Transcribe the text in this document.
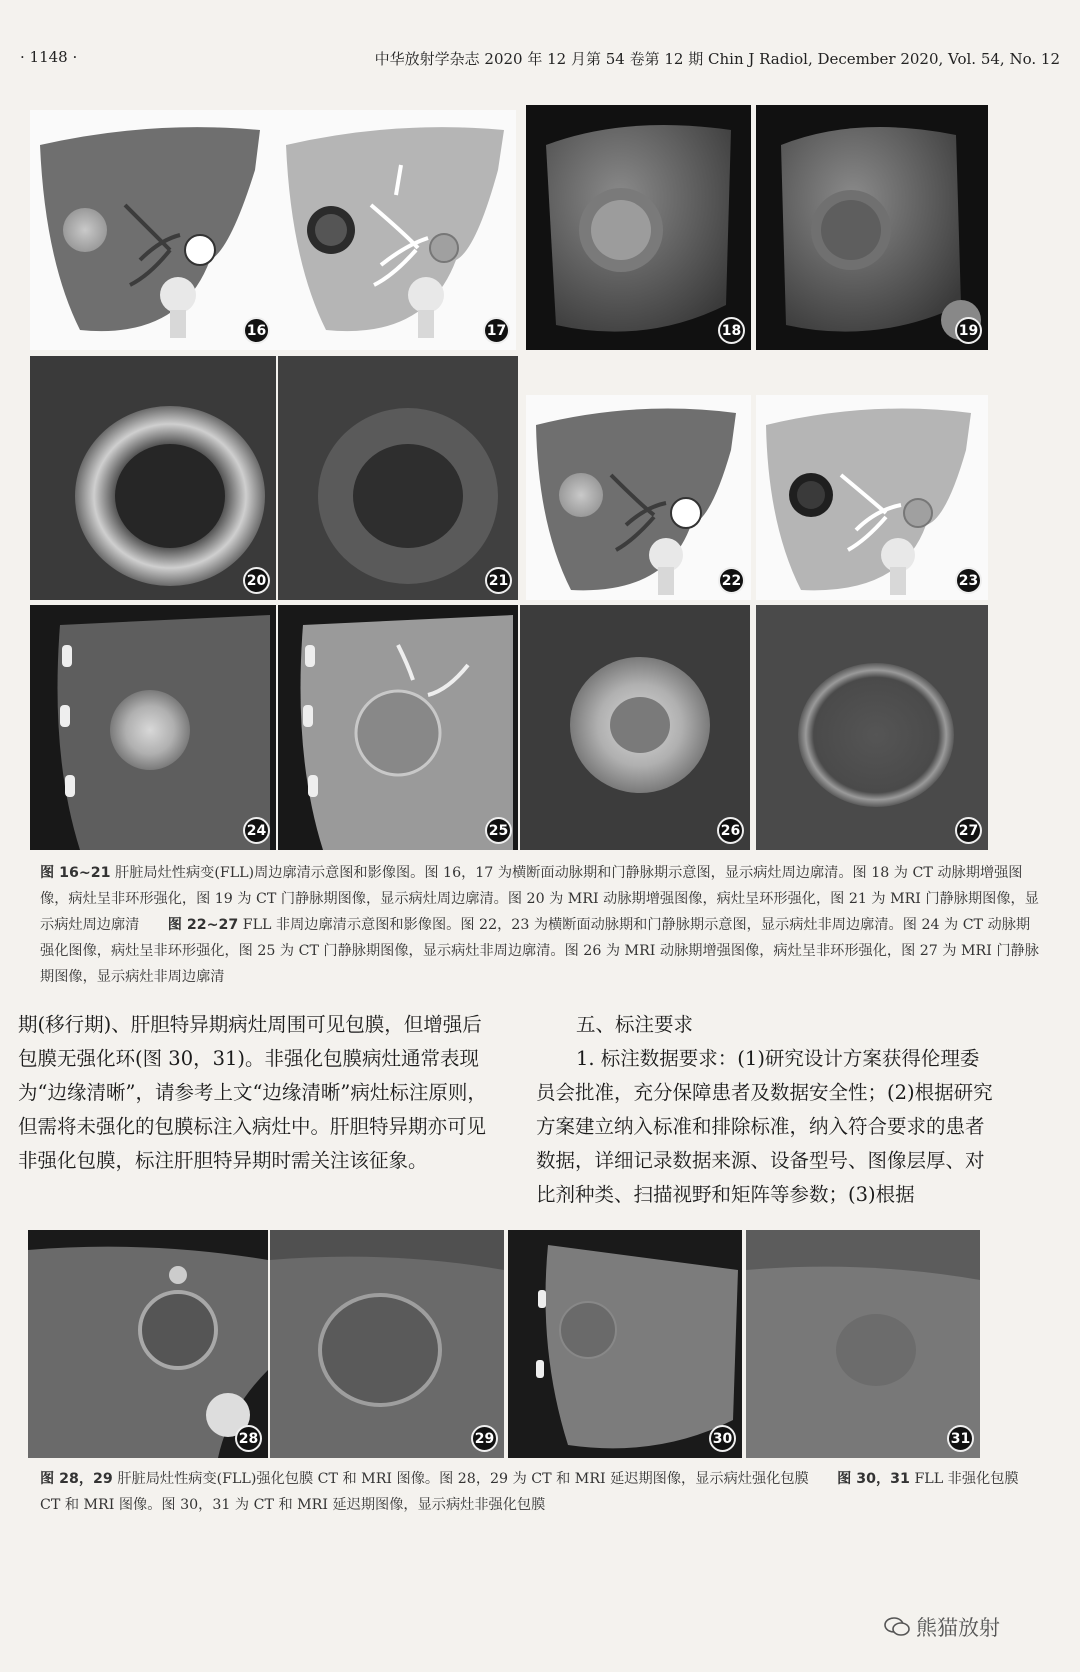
· 1148 ·	中华放射学杂志 2020 年 12 月第 54 卷第 12 期 Chin J Radiol, December 2020, Vol. 54, No. 12
16	17	18	19
20	21	22	23
24	25	26	27
图 16~21 肝脏局灶性病变(FLL)周边廓清示意图和影像图。图 16，17 为横断面动脉期和门静脉期示意图，显示病灶周边廓清。图 18 为 CT 动脉期增强图像，病灶呈非环形强化，图 19 为 CT 门静脉期图像，显示病灶周边廓清。图 20 为 MRI 动脉期增强图像，病灶呈环形强化，图 21 为 MRI 门静脉期图像，显示病灶周边廓清　　图 22~27 FLL 非周边廓清示意图和影像图。图 22，23 为横断面动脉期和门静脉期示意图，显示病灶非周边廓清。图 24 为 CT 动脉期强化图像，病灶呈非环形强化，图 25 为 CT 门静脉期图像，显示病灶非周边廓清。图 26 为 MRI 动脉期增强图像，病灶呈非环形强化，图 27 为 MRI 门静脉期图像，显示病灶非周边廓清
期(移行期)、肝胆特异期病灶周围可见包膜，但增强后包膜无强化环(图 30，31)。非强化包膜病灶通常表现为“边缘清晰”，请参考上文“边缘清晰”病灶标注原则，但需将未强化的包膜标注入病灶中。肝胆特异期亦可见非强化包膜，标注肝胆特异期时需关注该征象。
五、标注要求
1. 标注数据要求：(1)研究设计方案获得伦理委员会批准，充分保障患者及数据安全性；(2)根据研究方案建立纳入标准和排除标准，纳入符合要求的患者数据，详细记录数据来源、设备型号、图像层厚、对比剂种类、扫描视野和矩阵等参数；(3)根据
28	29	30	31
图 28，29 肝脏局灶性病变(FLL)强化包膜 CT 和 MRI 图像。图 28，29 为 CT 和 MRI 延迟期图像，显示病灶强化包膜　　图 30，31 FLL 非强化包膜 CT 和 MRI 图像。图 30，31 为 CT 和 MRI 延迟期图像，显示病灶非强化包膜
熊猫放射
